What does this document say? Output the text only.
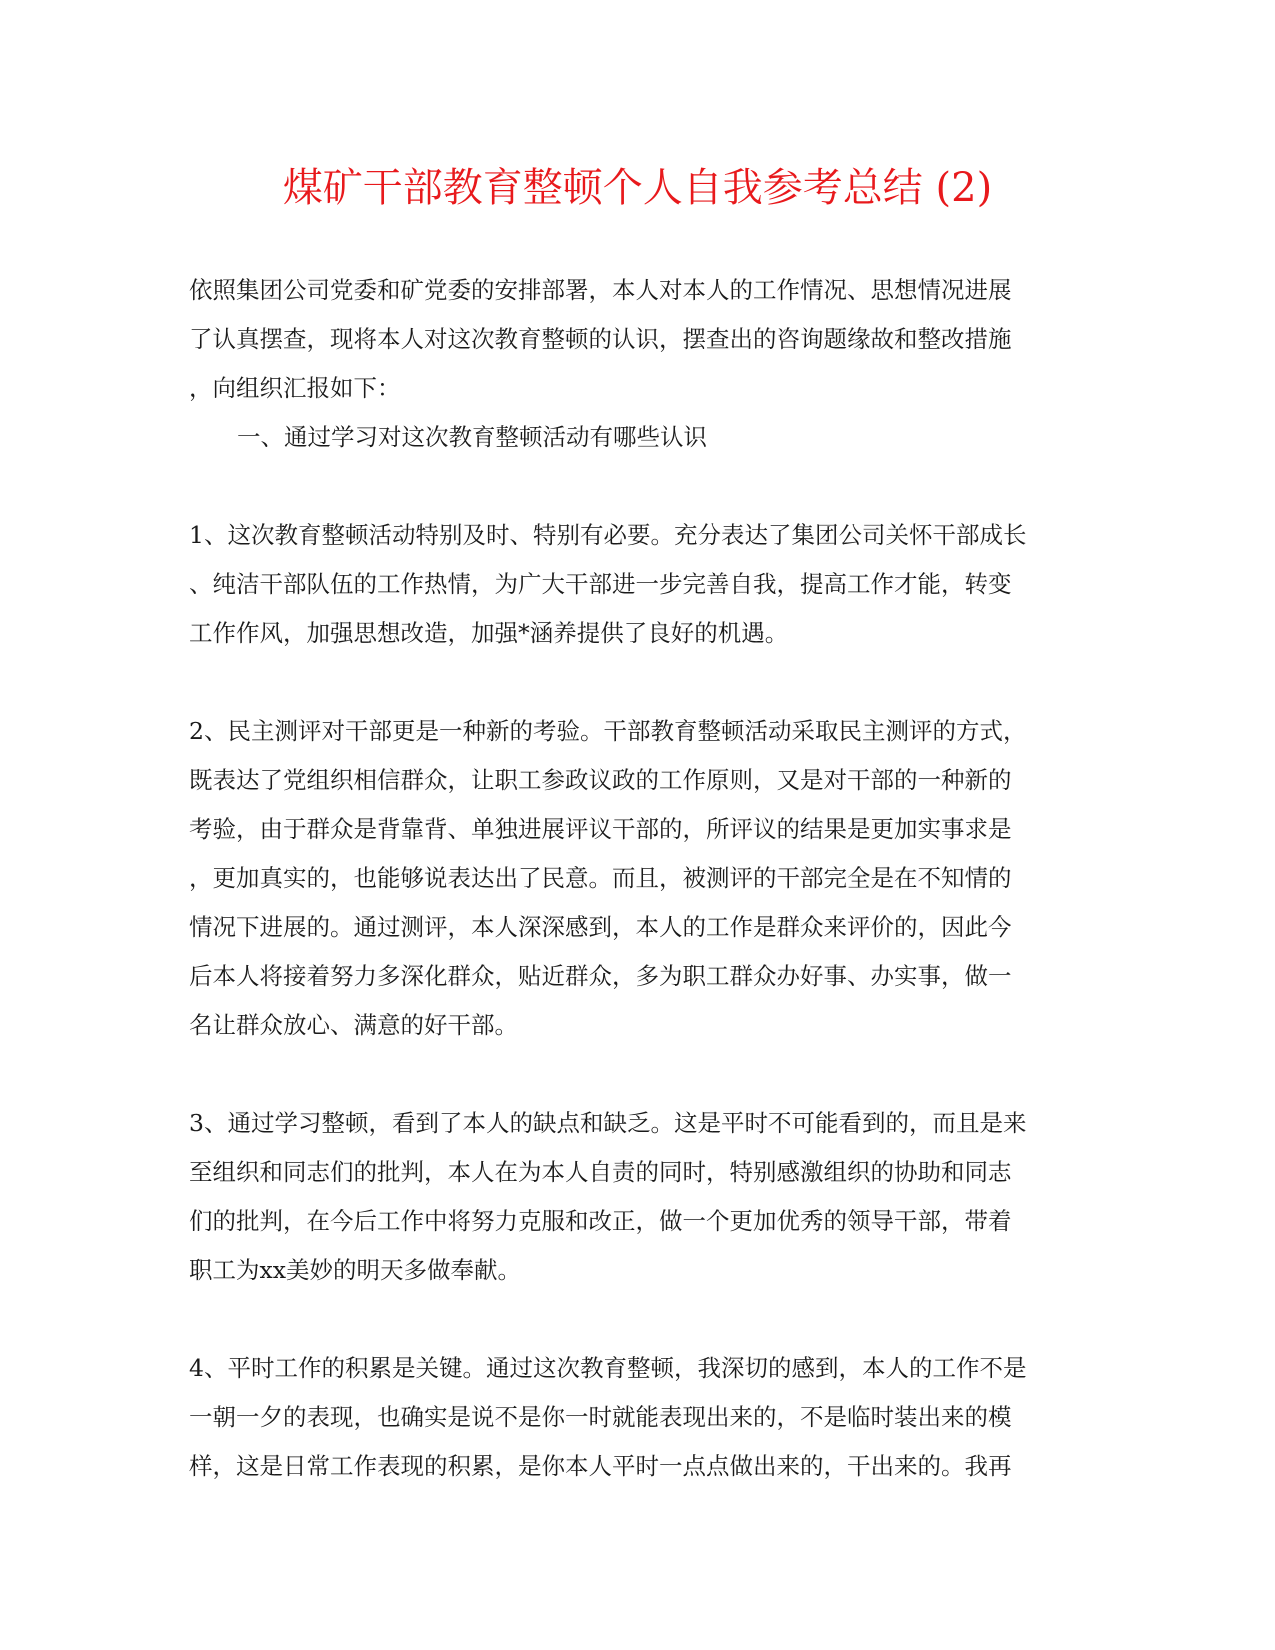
煤矿干部教育整顿个人自我参考总结 (2)
依照集团公司党委和矿党委的安排部署，本人对本人的工作情况、思想情况进展
了认真摆查，现将本人对这次教育整顿的认识，摆查出的咨询题缘故和整改措施
，向组织汇报如下：
一、通过学习对这次教育整顿活动有哪些认识
1、这次教育整顿活动特别及时、特别有必要。充分表达了集团公司关怀干部成长
、纯洁干部队伍的工作热情，为广大干部进一步完善自我，提高工作才能，转变
工作作风，加强思想改造，加强*涵养提供了良好的机遇。
2、民主测评对干部更是一种新的考验。干部教育整顿活动采取民主测评的方式，
既表达了党组织相信群众，让职工参政议政的工作原则，又是对干部的一种新的
考验，由于群众是背靠背、单独进展评议干部的，所评议的结果是更加实事求是
，更加真实的，也能够说表达出了民意。而且，被测评的干部完全是在不知情的
情况下进展的。通过测评，本人深深感到，本人的工作是群众来评价的，因此今
后本人将接着努力多深化群众，贴近群众，多为职工群众办好事、办实事，做一
名让群众放心、满意的好干部。
3、通过学习整顿，看到了本人的缺点和缺乏。这是平时不可能看到的，而且是来
至组织和同志们的批判，本人在为本人自责的同时，特别感激组织的协助和同志
们的批判，在今后工作中将努力克服和改正，做一个更加优秀的领导干部，带着
职工为xx美妙的明天多做奉献。
4、平时工作的积累是关键。通过这次教育整顿，我深切的感到，本人的工作不是
一朝一夕的表现，也确实是说不是你一时就能表现出来的，不是临时装出来的模
样，这是日常工作表现的积累，是你本人平时一点点做出来的，干出来的。我再
